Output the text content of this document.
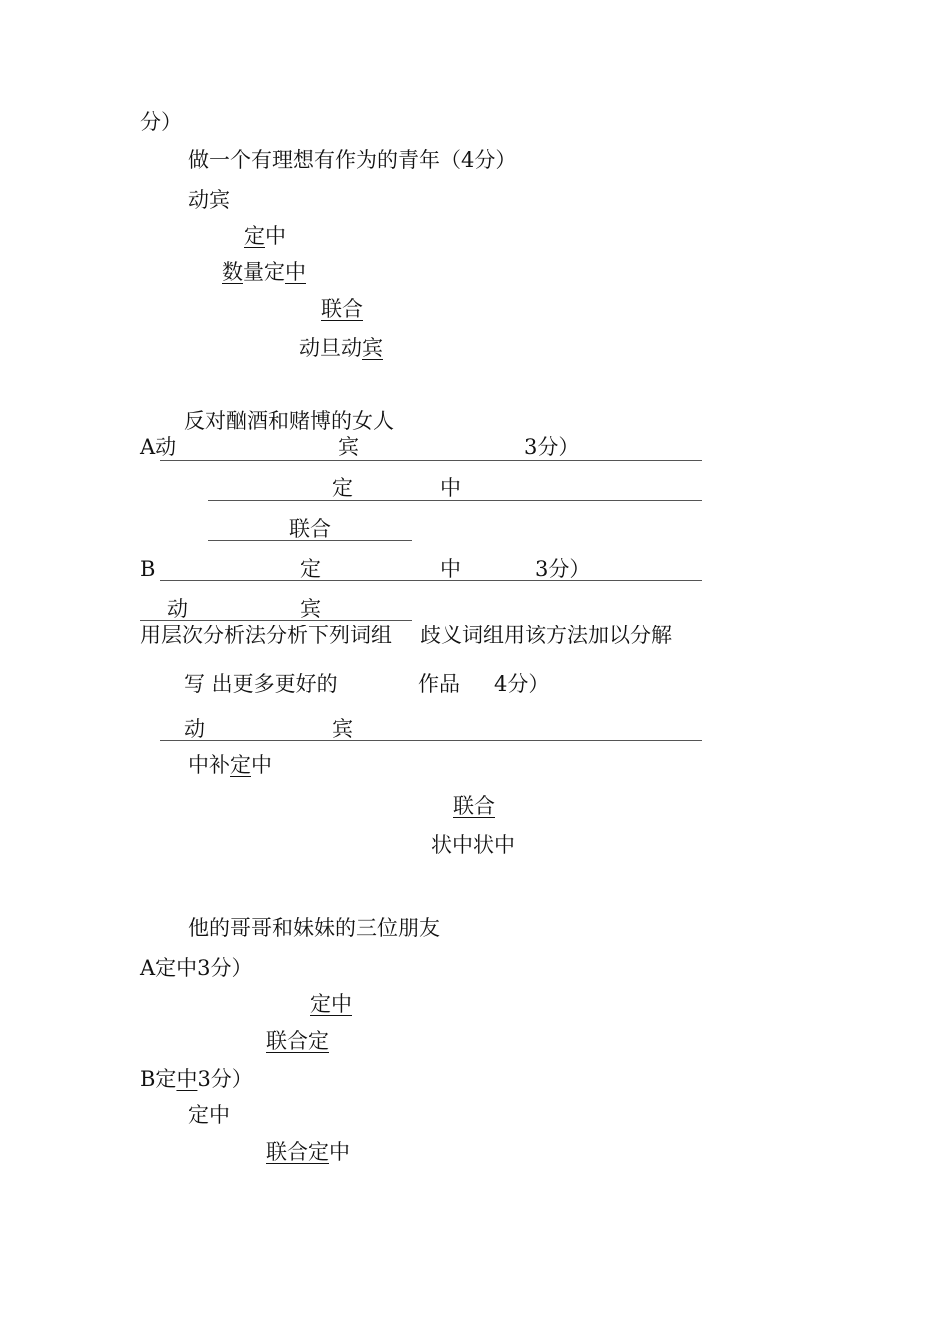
分）
做一个有理想有作为的青年（4分）
动宾
定中
数量定中
联合
动旦动宾
反对酗酒和赌博的女人
A动	宾	3分）
定	中
联合
B	定	中	3分）
动	宾
用层次分析法分析下列词组	歧义词组用该方法加以分解
写 出更多更好的	作品 4分）
动	宾
中补定中
联合
状中状中
他的哥哥和妹妹的三位朋友
A定中3分）
定中
联合定
B定中3分）
定中
联合定中
